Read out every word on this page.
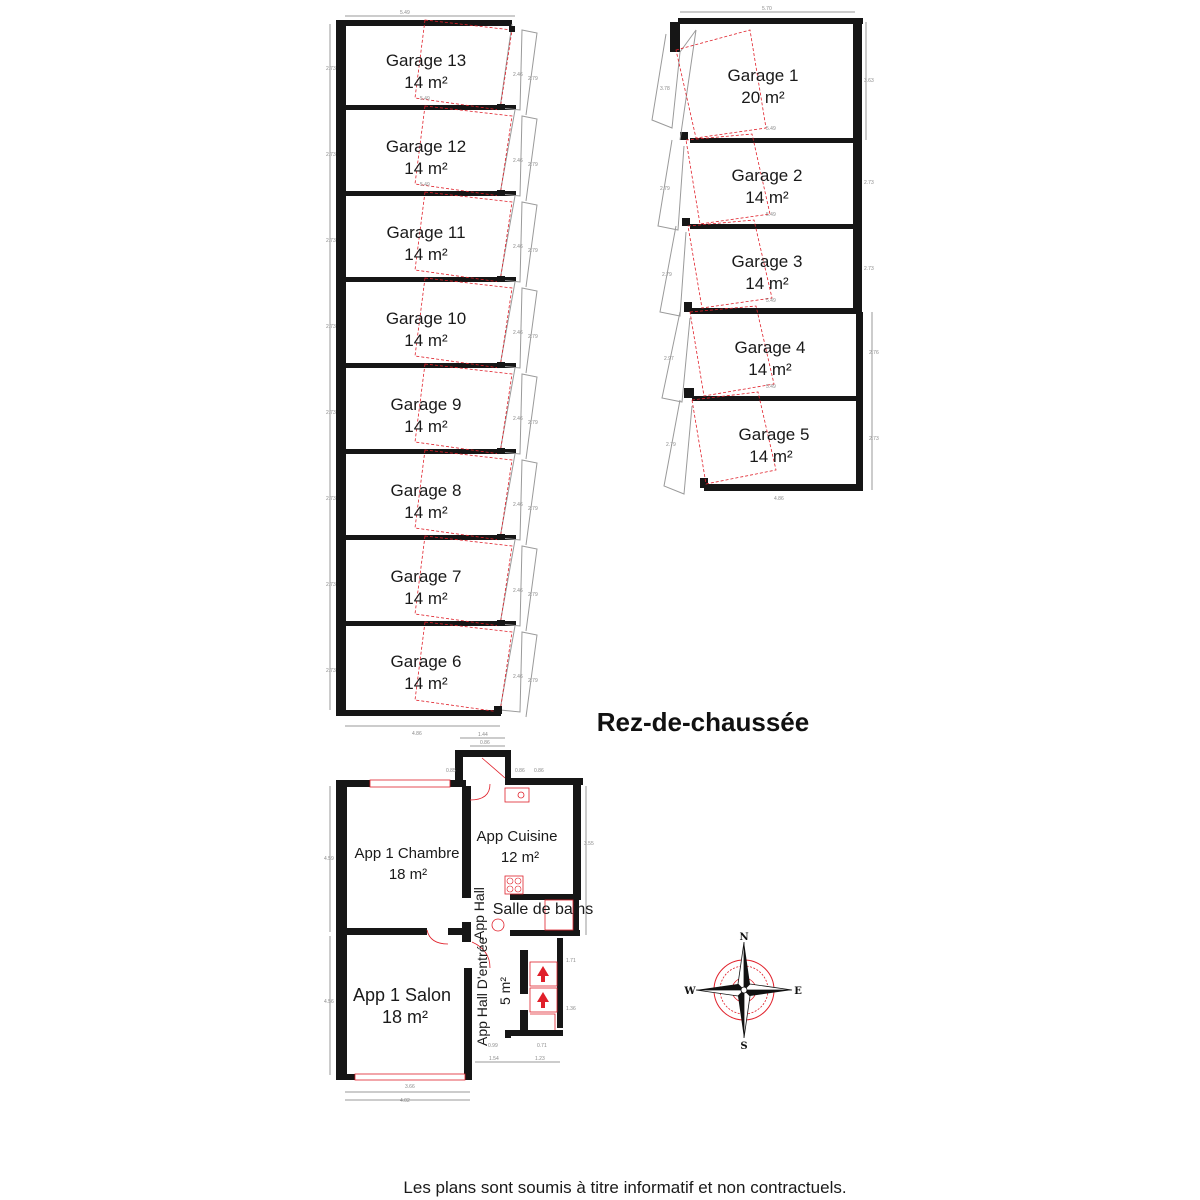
5.49
5.49
5.49
4.86
2.73
2.73
2.73
2.73
2.73
2.73
2.73
2.73
2.46
2.79
2.46
2.79
2.46
2.79
2.46
2.79
2.46
2.79
2.46
2.79
2.46
2.79
2.46
2.79
Garage 13
14 m²
Garage 12
14 m²
Garage 11
14 m²
Garage 10
14 m²
Garage 9
14 m²
Garage 8
14 m²
Garage 7
14 m²
Garage 6
14 m²
5.70
3.63
2.73
2.73
2.76
2.73
5.49
5.49
5.49
5.49
4.86
3.78
2.79
2.79
2.97
2.79
Garage 1
20 m²
Garage 2
14 m²
Garage 3
14 m²
Garage 4
14 m²
Garage 5
14 m²
Rez-de-chaussée
1.44
0.86
0.85	0.86 0.86
4.59
4.56
3.55
1.71
1.36
0.99	0.71
1.54	1.23
3.66
4.02
App 1 Chambre
18 m²
App Cuisine
12 m²
Salle de bains
App Hall
App Hall D'entrée 5 m²
App 1 Salon
18 m²
N
S
E
W
Les plans sont soumis à titre informatif et non contractuels.
